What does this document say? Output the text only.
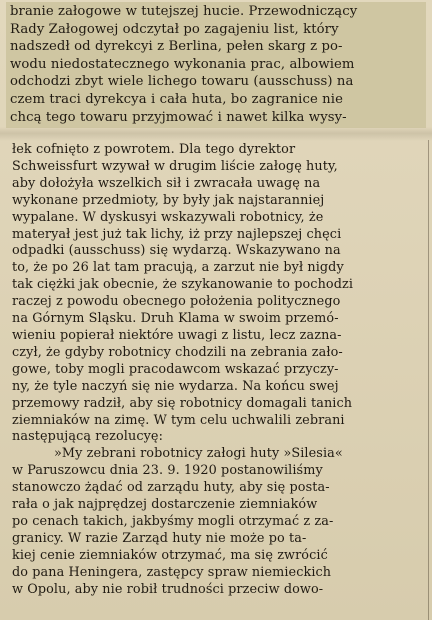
branie załogowe w tutejszej hucie. Przewodniczący
Rady Załogowej odczytał po zagajeniu list, który
nadszedł od dyrekcyi z Berlina, pełen skarg z po-
wodu niedostatecznego wykonania prac, albowiem
odchodzi zbyt wiele lichego towaru (ausschuss) na
czem traci dyrekcya i cała huta, bo zagranice nie
chcą tego towaru przyjmować i nawet kilka wysy-
łek cofnięto z powrotem. Dla tego dyrektor
Schweissfurt wzywał w drugim liście załogę huty,
aby dołożyła wszelkich sił i zwracała uwagę na
wykonane przedmioty, by były jak najstaranniej
wypalane. W dyskusyi wskazywali robotnicy, że
materyał jest już tak lichy, iż przy najlepszej chęci
odpadki (ausschuss) się wydarzą. Wskazywano na
to, że po 26 lat tam pracują, a zarzut nie był nigdy
tak ciężki jak obecnie, że szykanowanie to pochodzi
raczej z powodu obecnego położenia politycznego
na Górnym Śląsku. Druh Klama w swoim przemó-
wieniu popierał niektóre uwagi z listu, lecz zazna-
czył, że gdyby robotnicy chodzili na zebrania zało-
gowe, toby mogli pracodawcom wskazać przyczy-
ny, że tyle naczyń się nie wydarza. Na końcu swej
przemowy radził, aby się robotnicy domagali tanich
ziemniaków na zimę. W tym celu uchwalili zebrani
następującą rezolucyę:
»My zebrani robotnicy załogi huty »Silesia«
w Paruszowcu dnia 23. 9. 1920 postanowiliśmy
stanowczo żądać od zarządu huty, aby się posta-
rała o jak najprędzej dostarczenie ziemniaków
po cenach takich, jakbyśmy mogli otrzymać z za-
granicy. W razie Zarząd huty nie może po ta-
kiej cenie ziemniaków otrzymać, ma się zwrócić
do pana Heningera, zastępcy spraw niemieckich
w Opolu, aby nie robił trudności przeciw dowo-
